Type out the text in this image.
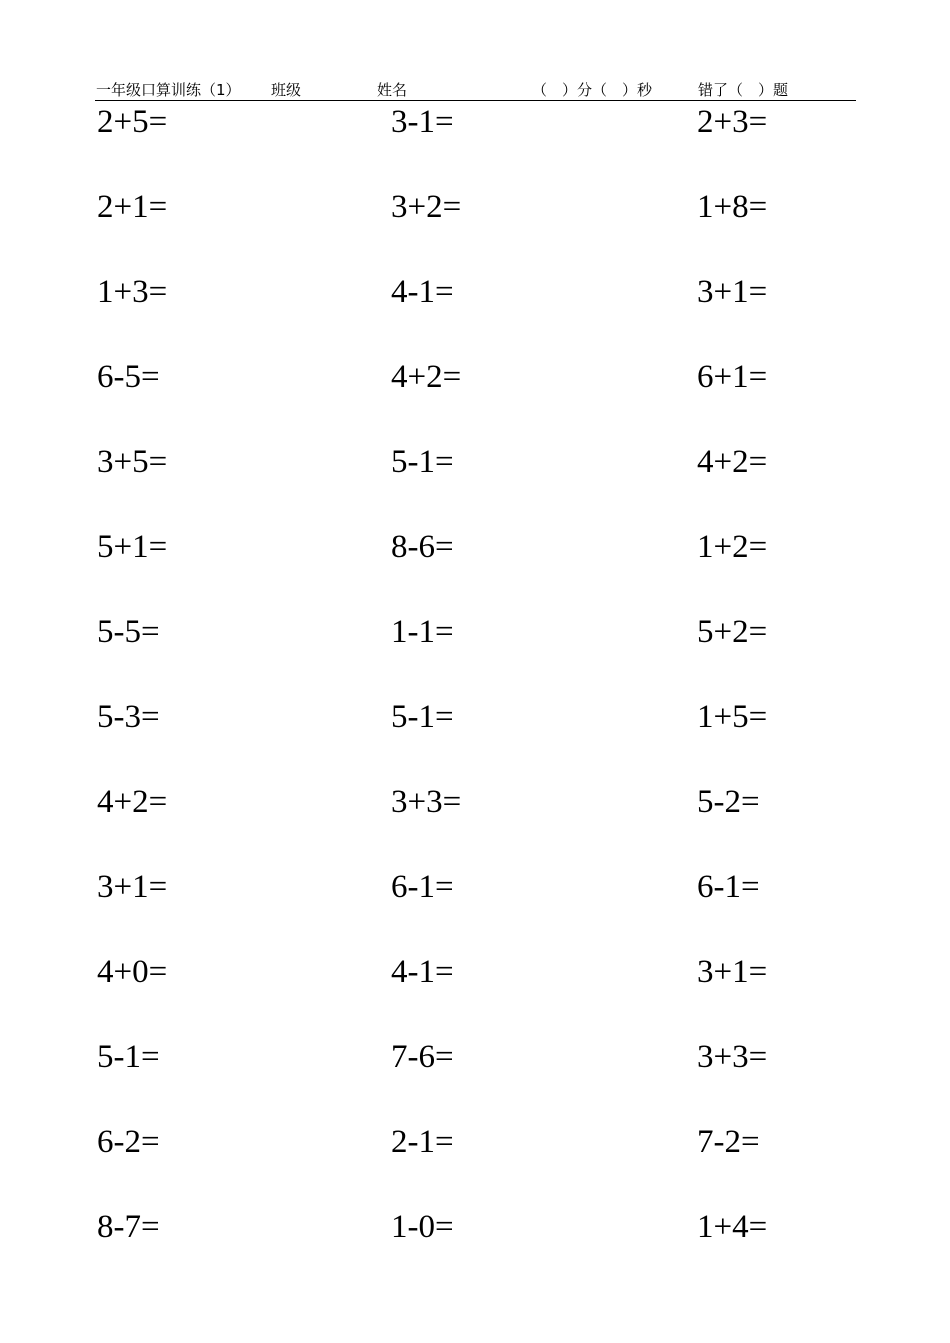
一年级口算训练（1） 班级	姓名	（　）分（　）秒	错了（　）题
2+5=	3-1=	2+3=
2+1=	3+2=	1+8=
1+3=	4-1=	3+1=
6-5=	4+2=	6+1=
3+5=	5-1=	4+2=
5+1=	8-6=	1+2=
5-5=	1-1=	5+2=
5-3=	5-1=	1+5=
4+2=	3+3=	5-2=
3+1=	6-1=	6-1=
4+0=	4-1=	3+1=
5-1=	7-6=	3+3=
6-2=	2-1=	7-2=
8-7=	1-0=	1+4=
